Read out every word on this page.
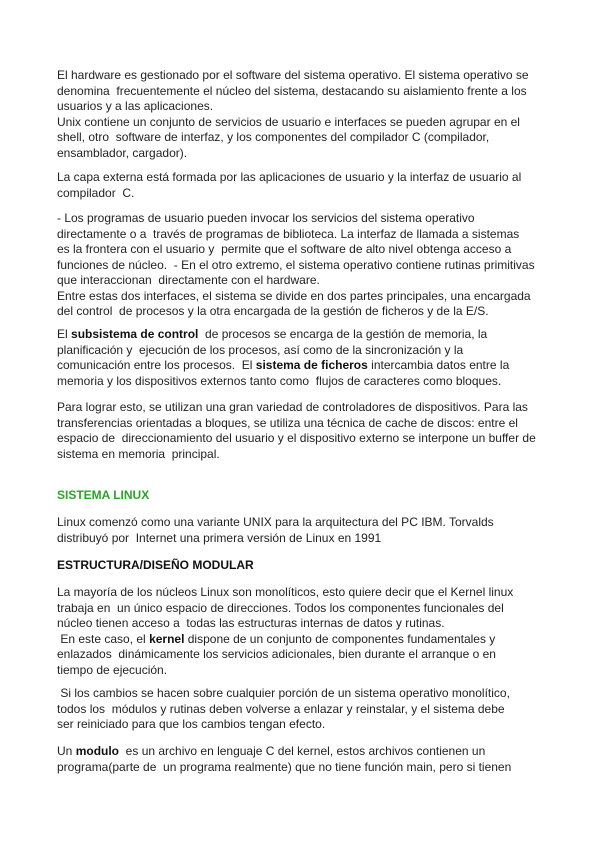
El hardware es gestionado por el software del sistema operativo. El sistema operativo se
denomina  frecuentemente el núcleo del sistema, destacando su aislamiento frente a los
usuarios y a las aplicaciones.
Unix contiene un conjunto de servicios de usuario e interfaces se pueden agrupar en el
shell, otro  software de interfaz, y los componentes del compilador C (compilador,
ensamblador, cargador).
La capa externa está formada por las aplicaciones de usuario y la interfaz de usuario al
compilador  C.
- Los programas de usuario pueden invocar los servicios del sistema operativo
directamente o a  través de programas de biblioteca. La interfaz de llamada a sistemas
es la frontera con el usuario y  permite que el software de alto nivel obtenga acceso a
funciones de núcleo.  - En el otro extremo, el sistema operativo contiene rutinas primitivas
que interaccionan  directamente con el hardware.
Entre estas dos interfaces, el sistema se divide en dos partes principales, una encargada
del control  de procesos y la otra encargada de la gestión de ficheros y de la E/S.
El subsistema de control  de procesos se encarga de la gestión de memoria, la
planificación y  ejecución de los procesos, así como de la sincronización y la
comunicación entre los procesos.  El sistema de ficheros intercambia datos entre la
memoria y los dispositivos externos tanto como  flujos de caracteres como bloques.
Para lograr esto, se utilizan una gran variedad de controladores de dispositivos. Para las
transferencias orientadas a bloques, se utiliza una técnica de cache de discos: entre el
espacio de  direccionamiento del usuario y el dispositivo externo se interpone un buffer de
sistema en memoria  principal.
SISTEMA LINUX
Linux comenzó como una variante UNIX para la arquitectura del PC IBM. Torvalds
distribuyó por  Internet una primera versión de Linux en 1991
ESTRUCTURA/DISEÑO MODULAR
La mayoría de los núcleos Linux son monolíticos, esto quiere decir que el Kernel linux
trabaja en  un único espacio de direcciones. Todos los componentes funcionales del
núcleo tienen acceso a  todas las estructuras internas de datos y rutinas.
En este caso, el kernel dispone de un conjunto de componentes fundamentales y
enlazados  dinámicamente los servicios adicionales, bien durante el arranque o en
tiempo de ejecución.
Si los cambios se hacen sobre cualquier porción de un sistema operativo monolítico,
todos los  módulos y rutinas deben volverse a enlazar y reinstalar, y el sistema debe
ser reiniciado para que los cambios tengan efecto.
Un modulo  es un archivo en lenguaje C del kernel, estos archivos contienen un
programa(parte de  un programa realmente) que no tiene función main, pero si tienen
